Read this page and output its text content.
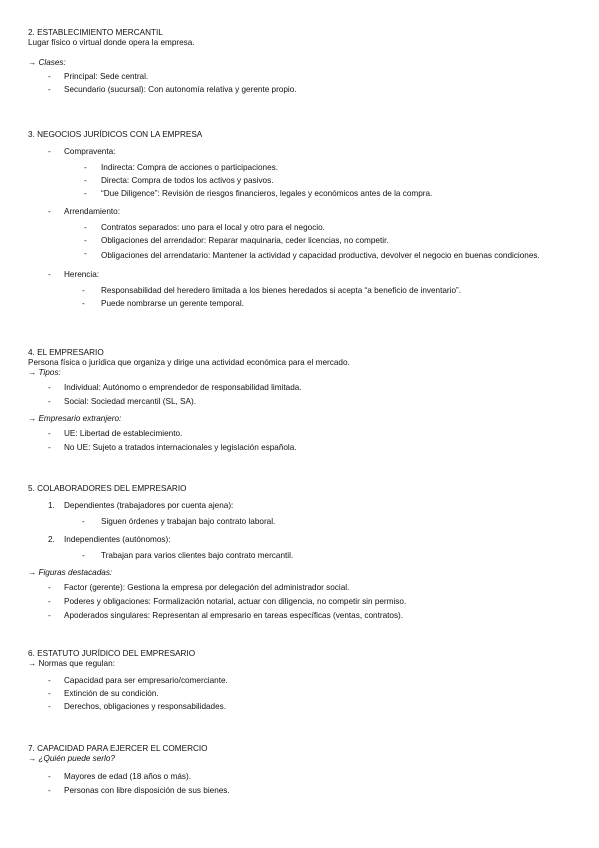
2. ESTABLECIMIENTO MERCANTIL
Lugar físico o virtual donde opera la empresa.
→ Clases:
-	Principal: Sede central.
-	Secundario (sucursal): Con autonomía relativa y gerente propio.
3. NEGOCIOS JURÍDICOS CON LA EMPRESA
-	Compraventa:
-	Indirecta: Compra de acciones o participaciones.
-	Directa: Compra de todos los activos y pasivos.
-	“Due Diligence”: Revisión de riesgos financieros, legales y económicos antes de la compra.
-	Arrendamiento:
-	Contratos separados: uno para el local y otro para el negocio.
-	Obligaciones del arrendador: Reparar maquinaria, ceder licencias, no competir.
-	Obligaciones del arrendatario: Mantener la actividad y capacidad productiva, devolver el negocio en buenas condiciones.
-	Herencia:
-	Responsabilidad del heredero limitada a los bienes heredados si acepta “a beneficio de inventario”.
-	Puede nombrarse un gerente temporal.
4. EL EMPRESARIO
Persona física o jurídica que organiza y dirige una actividad económica para el mercado.
→ Tipos:
-	Individual: Autónomo o emprendedor de responsabilidad limitada.
-	Social: Sociedad mercantil (SL, SA).
→ Empresario extranjero:
-	UE: Libertad de establecimiento.
-	No UE: Sujeto a tratados internacionales y legislación española.
5. COLABORADORES DEL EMPRESARIO
1.	Dependientes (trabajadores por cuenta ajena):
-	Siguen órdenes y trabajan bajo contrato laboral.
2.	Independientes (autónomos):
-	Trabajan para varios clientes bajo contrato mercantil.
→ Figuras destacadas:
-	Factor (gerente): Gestiona la empresa por delegación del administrador social.
-	Poderes y obligaciones: Formalización notarial, actuar con diligencia, no competir sin permiso.
-	Apoderados singulares: Representan al empresario en tareas específicas (ventas, contratos).
6. ESTATUTO JURÍDICO DEL EMPRESARIO
→ Normas que regulan:
-	Capacidad para ser empresario/comerciante.
-	Extinción de su condición.
-	Derechos, obligaciones y responsabilidades.
7. CAPACIDAD PARA EJERCER EL COMERCIO
→ ¿Quién puede serlo?
-	Mayores de edad (18 años o más).
-	Personas con libre disposición de sus bienes.
